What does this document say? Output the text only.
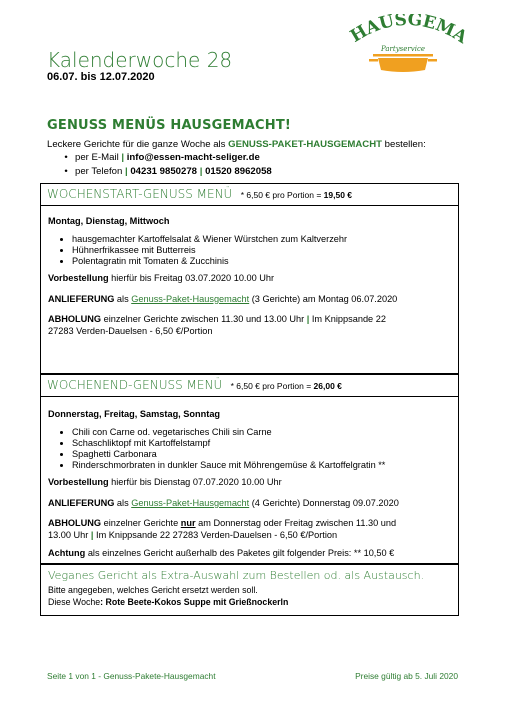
Kalenderwoche 28
06.07. bis 12.07.2020
HAUSGEMA
Partyservice
GENUSS MENÜS HAUSGEMACHT!
Leckere Gerichte für die ganze Woche als GENUSS-PAKET-HAUSGEMACHT bestellen:
• per E-Mail | info@essen-macht-seliger.de
• per Telefon | 04231 9850278 | 01520 8962058
WOCHENSTART-GENUSS MENÜ * 6,50 € pro Portion = 19,50 €

Montag, Dienstag, Mittwoch

• hausgemachter Kartoffelsalat & Wiener Würstchen zum Kaltverzehr
• Hühnerfrikassee mit Butterreis
• Polentagratin mit Tomaten & Zucchinis

Vorbestellung hierfür bis Freitag 03.07.2020 10.00 Uhr

ANLIEFERUNG als Genuss-Paket-Hausgemacht (3 Gerichte) am Montag 06.07.2020

ABHOLUNG einzelner Gerichte zwischen 11.30 und 13.00 Uhr | Im Knippsande 22
27283 Verden-Dauelsen - 6,50 €/Portion

WOCHENEND-GENUSS MENÜ * 6,50 € pro Portion = 26,00 €

Donnerstag, Freitag, Samstag, Sonntag

• Chili con Carne od. vegetarisches Chili sin Carne
• Schaschliktopf mit Kartoffelstampf
• Spaghetti Carbonara
• Rinderschmorbraten in dunkler Sauce mit Möhrengemüse & Kartoffelgratin **

Vorbestellung hierfür bis Dienstag 07.07.2020 10.00 Uhr

ANLIEFERUNG als Genuss-Paket-Hausgemacht (4 Gerichte) Donnerstag 09.07.2020

ABHOLUNG einzelner Gerichte nur am Donnerstag oder Freitag zwischen 11.30 und
13.00 Uhr | Im Knippsande 22 27283 Verden-Dauelsen - 6,50 €/Portion

Achtung als einzelnes Gericht außerhalb des Paketes gilt folgender Preis: ** 10,50 €

Veganes Gericht als Extra-Auswahl zum Bestellen od. als Austausch.
Bitte angegeben, welches Gericht ersetzt werden soll.
Diese Woche: Rote Beete-Kokos Suppe mit Grießnockerln
Seite 1 von 1 - Genuss-Pakete-Hausgemacht	Preise gültig ab 5. Juli 2020
